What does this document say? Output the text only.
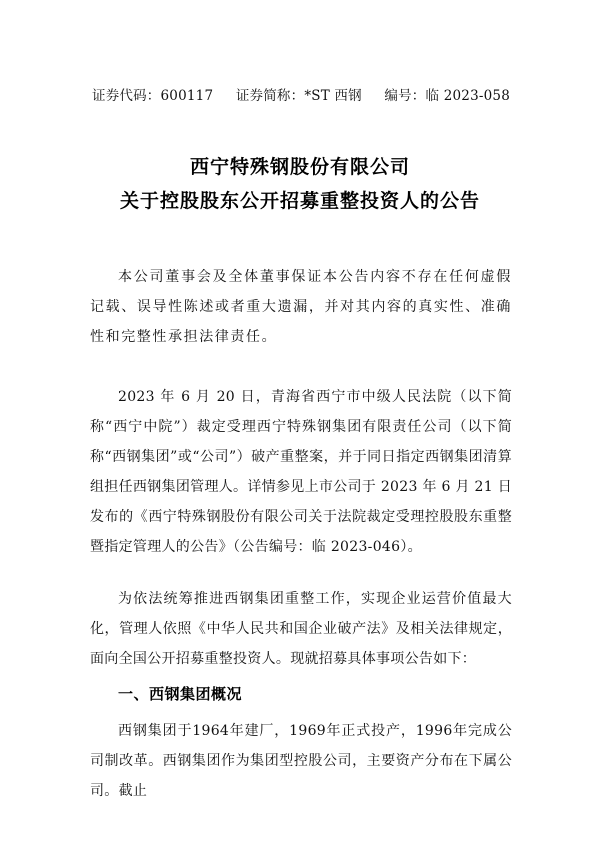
证券代码：600117 证券简称：*ST 西钢 编号：临 2023-058
西宁特殊钢股份有限公司
关于控股股东公开招募重整投资人的公告

本公司董事会及全体董事保证本公告内容不存在任何虚假记载、误导性陈述或者重大遗漏，并对其内容的真实性、准确性和完整性承担法律责任。

2023 年 6 月 20 日，青海省西宁市中级人民法院（以下简称“西宁中院”）裁定受理西宁特殊钢集团有限责任公司（以下简称“西钢集团”或“公司”）破产重整案，并于同日指定西钢集团清算组担任西钢集团管理人。详情参见上市公司于 2023 年 6 月 21 日发布的《西宁特殊钢股份有限公司关于法院裁定受理控股股东重整暨指定管理人的公告》（公告编号：临 2023-046）。

为依法统筹推进西钢集团重整工作，实现企业运营价值最大化，管理人依照《中华人民共和国企业破产法》及相关法律规定，面向全国公开招募重整投资人。现就招募具体事项公告如下：

一、西钢集团概况

西钢集团于1964年建厂，1969年正式投产，1996年完成公司制改革。西钢集团作为集团型控股公司，主要资产分布在下属公司。截止
